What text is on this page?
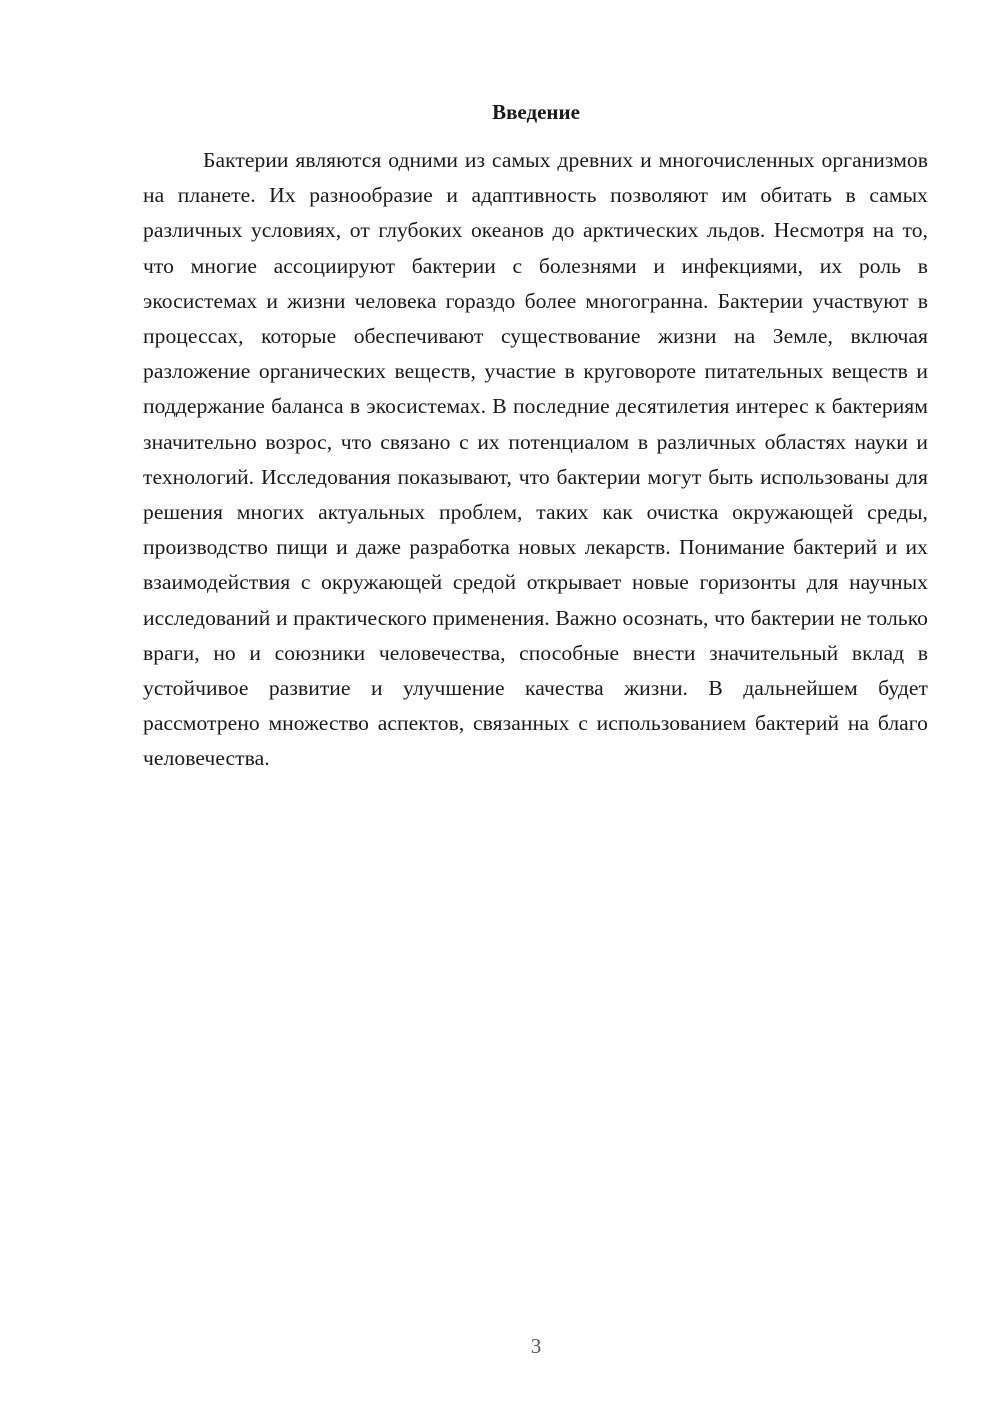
Введение

Бактерии являются одними из самых древних и многочисленных организмов на планете. Их разнообразие и адаптивность позволяют им обитать в самых различных условиях, от глубоких океанов до арктических льдов. Несмотря на то, что многие ассоциируют бактерии с болезнями и инфекциями, их роль в экосистемах и жизни человека гораздо более многогранна. Бактерии участвуют в процессах, которые обеспечивают существование жизни на Земле, включая разложение органических веществ, участие в круговороте питательных веществ и поддержание баланса в экосистемах. В последние десятилетия интерес к бактериям значительно возрос, что связано с их потенциалом в различных областях науки и технологий. Исследования показывают, что бактерии могут быть использованы для решения многих актуальных проблем, таких как очистка окружающей среды, производство пищи и даже разработка новых лекарств. Понимание бактерий и их взаимодействия с окружающей средой открывает новые горизонты для научных исследований и практического применения. Важно осознать, что бактерии не только враги, но и союзники человечества, способные внести значительный вклад в устойчивое развитие и улучшение качества жизни. В дальнейшем будет рассмотрено множество аспектов, связанных с использованием бактерий на благо человечества.

3
